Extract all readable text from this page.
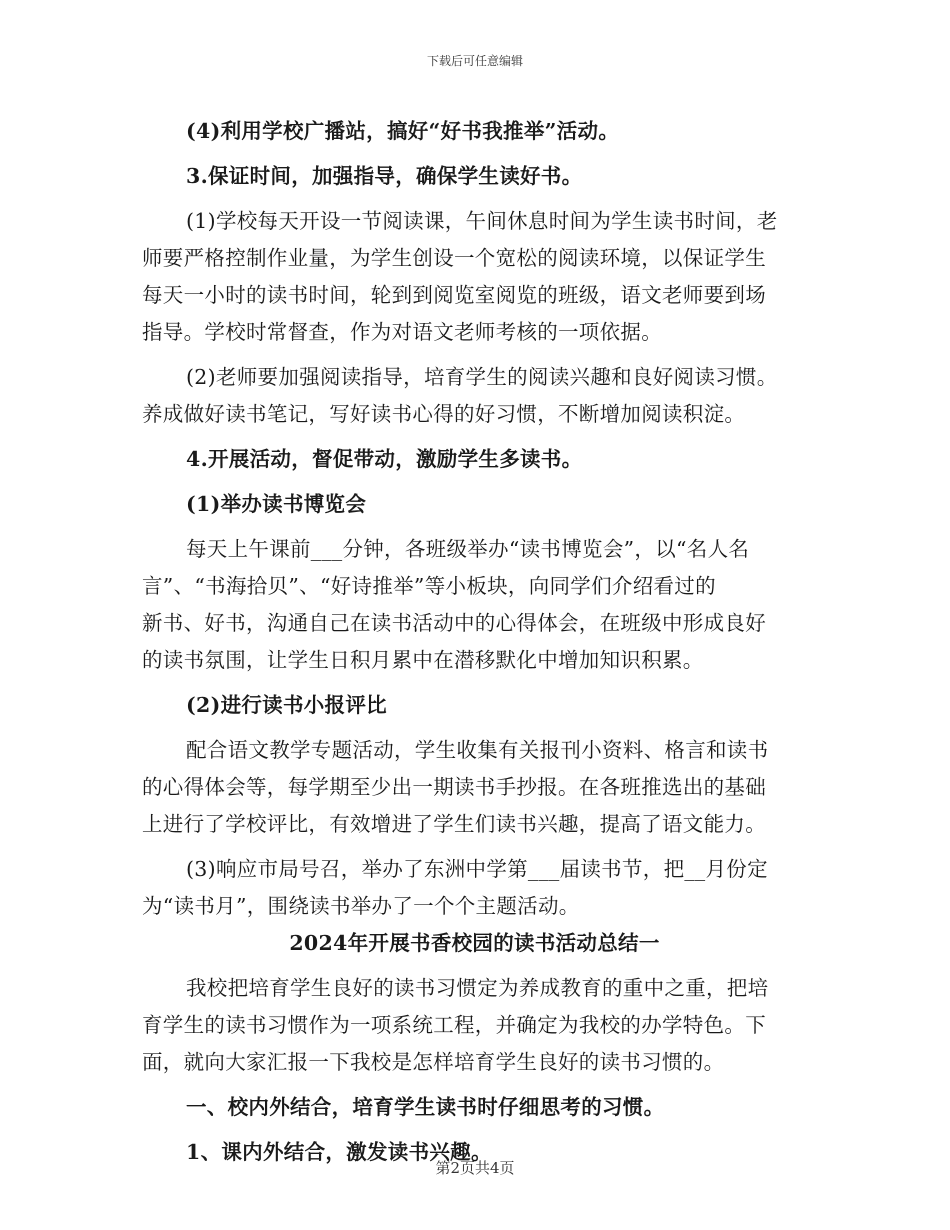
下载后可任意编辑
(4)利用学校广播站，搞好“好书我推举”活动。
3.保证时间，加强指导，确保学生读好书。
(1)学校每天开设一节阅读课，午间休息时间为学生读书时间，老
师要严格控制作业量，为学生创设一个宽松的阅读环境，以保证学生
每天一小时的读书时间，轮到到阅览室阅览的班级，语文老师要到场
指导。学校时常督查，作为对语文老师考核的一项依据。
(2)老师要加强阅读指导，培育学生的阅读兴趣和良好阅读习惯。
养成做好读书笔记，写好读书心得的好习惯，不断增加阅读积淀。
4.开展活动，督促带动，激励学生多读书。
(1)举办读书博览会
每天上午课前___分钟，各班级举办“读书博览会”，以“名人名
言”、“书海拾贝”、“好诗推举”等小板块，向同学们介绍看过的
新书、好书，沟通自己在读书活动中的心得体会，在班级中形成良好
的读书氛围，让学生日积月累中在潜移默化中增加知识积累。
(2)进行读书小报评比
配合语文教学专题活动，学生收集有关报刊小资料、格言和读书
的心得体会等，每学期至少出一期读书手抄报。在各班推选出的基础
上进行了学校评比，有效增进了学生们读书兴趣，提高了语文能力。
(3)响应市局号召，举办了东洲中学第___届读书节，把__月份定
为“读书月”，围绕读书举办了一个个主题活动。
2024年开展书香校园的读书活动总结一
我校把培育学生良好的读书习惯定为养成教育的重中之重，把培
育学生的读书习惯作为一项系统工程，并确定为我校的办学特色。下
面，就向大家汇报一下我校是怎样培育学生良好的读书习惯的。
一、校内外结合，培育学生读书时仔细思考的习惯。
1、课内外结合，激发读书兴趣。
第2页共4页
